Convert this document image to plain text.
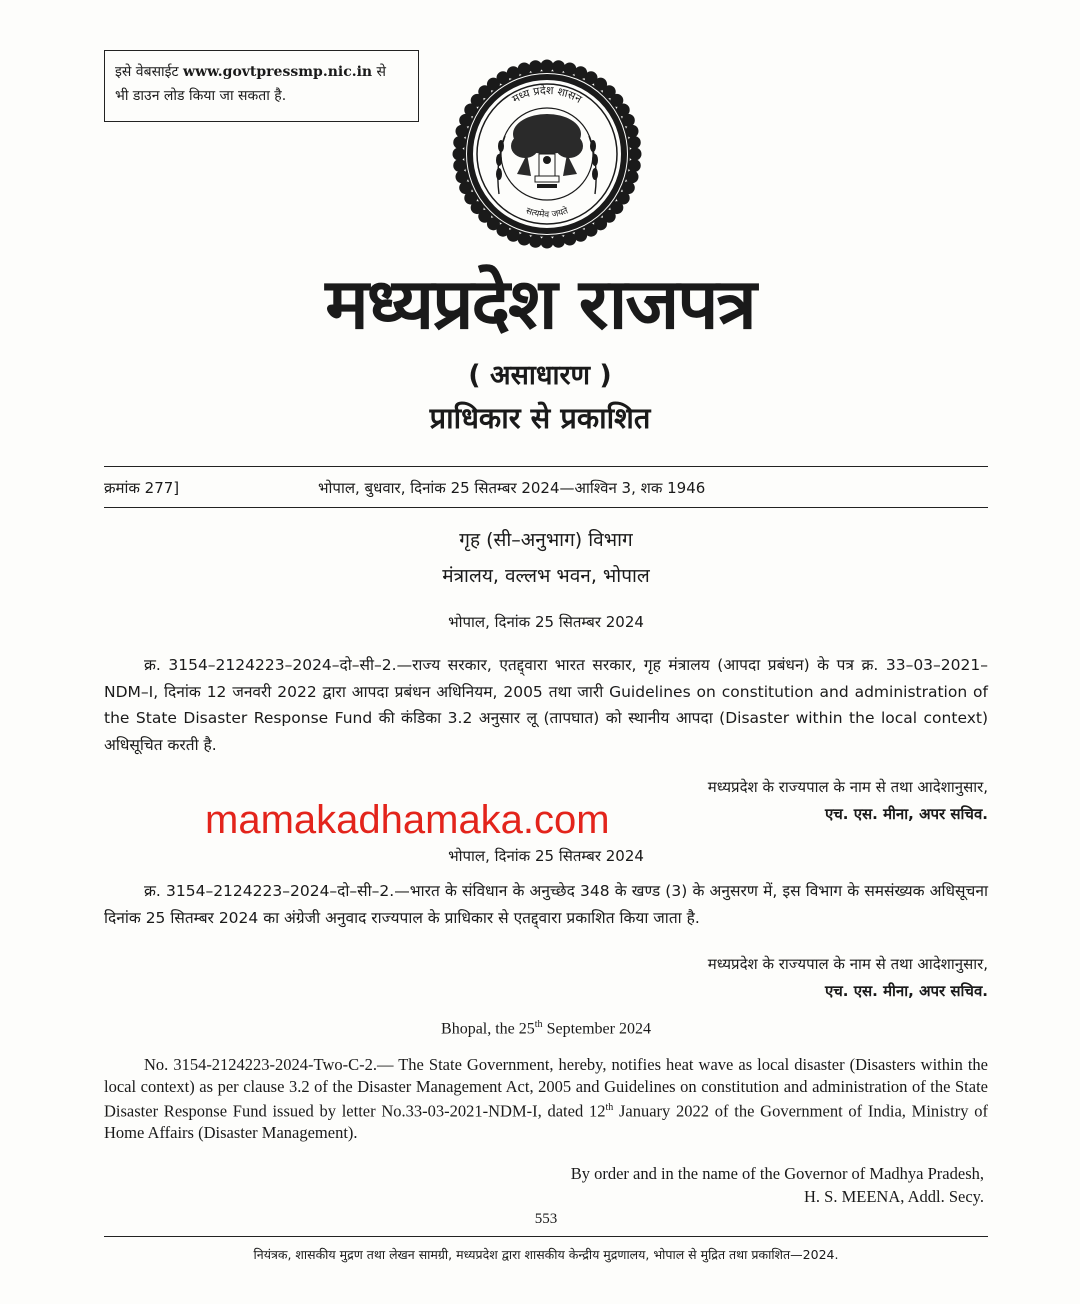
इसे वेबसाईट www.govtpressmp.nic.in से
भी डाउन लोड किया जा सकता है.	मध्य प्रदेश शासन
सत्यमेव जयते
मध्यप्रदेश राजपत्र
( असाधारण )
प्राधिकार से प्रकाशित
क्रमांक 277]	भोपाल, बुधवार, दिनांक 25 सितम्बर 2024—आश्विन 3, शक 1946
गृह (सी–अनुभाग) विभाग
मंत्रालय, वल्लभ भवन, भोपाल
भोपाल, दिनांक 25 सितम्बर 2024
क्र. 3154–2124223–2024–दो–सी–2.—राज्य सरकार, एतद्द्वारा भारत सरकार, गृह मंत्रालय (आपदा प्रबंधन) के पत्र क्र. 33–03–2021–NDM–I, दिनांक 12 जनवरी 2022 द्वारा आपदा प्रबंधन अधिनियम, 2005 तथा जारी Guidelines on constitution and administration of the State Disaster Response Fund की कंडिका 3.2 अनुसार लू (तापघात) को स्थानीय आपदा (Disaster within the local context) अधिसूचित करती है.
मध्यप्रदेश के राज्यपाल के नाम से तथा आदेशानुसार,
एच. एस. मीना, अपर सचिव.
mamakadhamaka.com
भोपाल, दिनांक 25 सितम्बर 2024
क्र. 3154–2124223–2024–दो–सी–2.—भारत के संविधान के अनुच्छेद 348 के खण्ड (3) के अनुसरण में, इस विभाग के समसंख्यक अधिसूचना दिनांक 25 सितम्बर 2024 का अंग्रेजी अनुवाद राज्यपाल के प्राधिकार से एतद्द्वारा प्रकाशित किया जाता है.
मध्यप्रदेश के राज्यपाल के नाम से तथा आदेशानुसार,
एच. एस. मीना, अपर सचिव.
Bhopal, the 25th September 2024
No. 3154-2124223-2024-Two-C-2.— The State Government, hereby, notifies heat wave as local disaster (Disasters within the local context) as per clause 3.2 of the Disaster Management Act, 2005 and Guidelines on constitution and administration of the State Disaster Response Fund issued by letter No.33-03-2021-NDM-I, dated 12th January 2022 of the Government of India, Ministry of Home Affairs (Disaster Management).
By order and in the name of the Governor of Madhya Pradesh,
H. S. MEENA, Addl. Secy.
553
नियंत्रक, शासकीय मुद्रण तथा लेखन सामग्री, मध्यप्रदेश द्वारा शासकीय केन्द्रीय मुद्रणालय, भोपाल से मुद्रित तथा प्रकाशित—2024.
